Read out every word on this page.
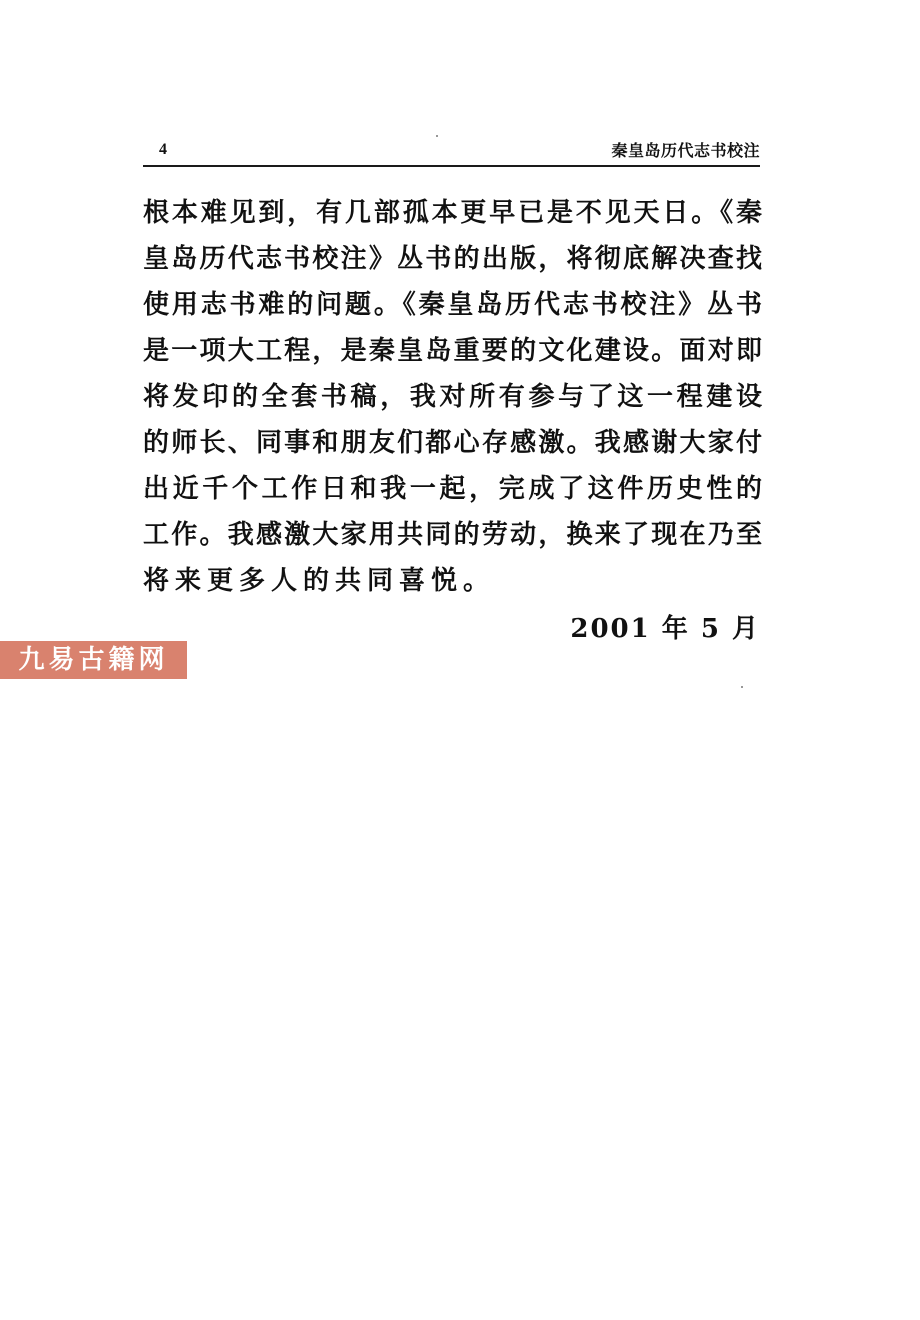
4	秦皇岛历代志书校注
根本难见到，有几部孤本更早已是不见天日。《秦
皇岛历代志书校注》丛书的出版，将彻底解决查找
使用志书难的问题。《秦皇岛历代志书校注》丛书
是一项大工程，是秦皇岛重要的文化建设。面对即
将发印的全套书稿，我对所有参与了这一程建设
的师长、同事和朋友们都心存感激。我感谢大家付
出近千个工作日和我一起，完成了这件历史性的
工作。我感激大家用共同的劳动，换来了现在乃至
将来更多人的共同喜悦。
2001 年 5 月
九易古籍网
